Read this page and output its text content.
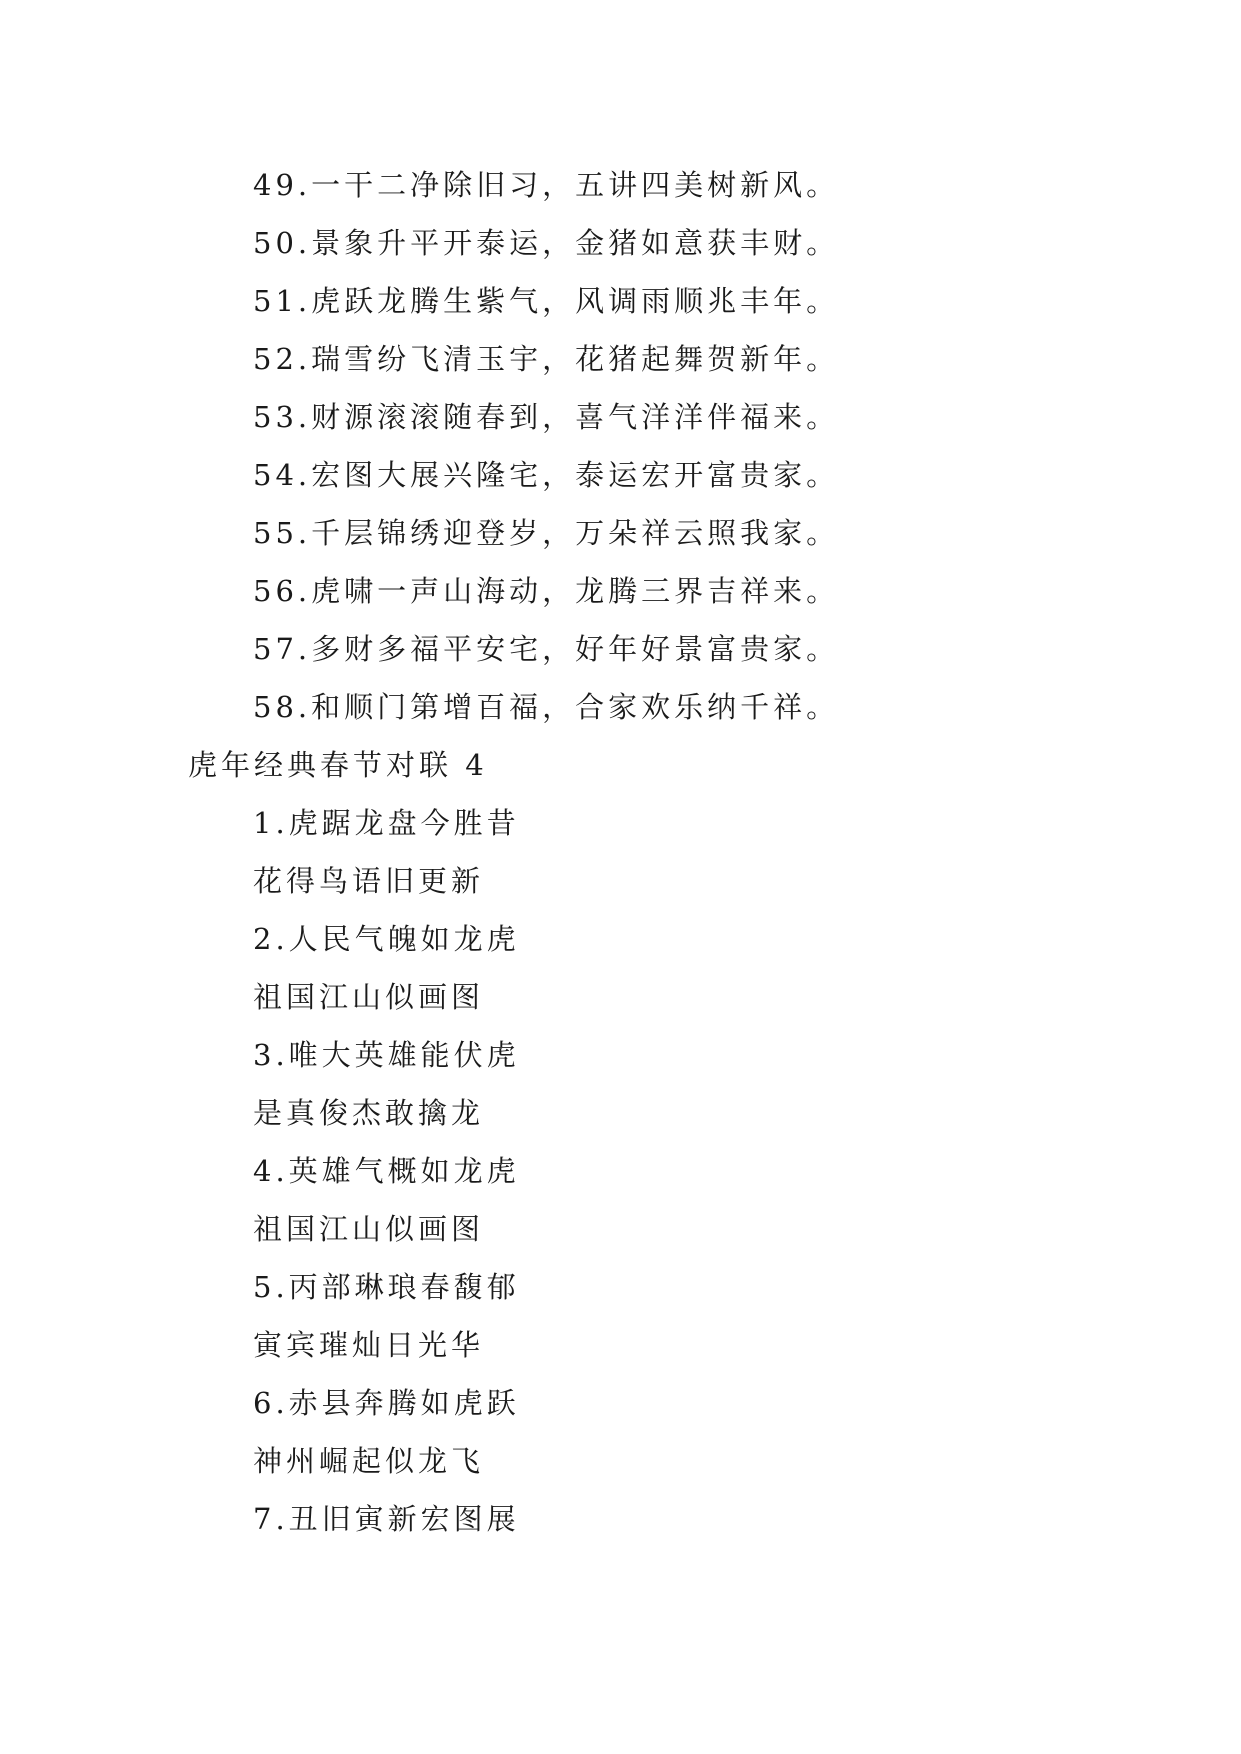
49.一干二净除旧习，五讲四美树新风。
50.景象升平开泰运，金猪如意获丰财。
51.虎跃龙腾生紫气，风调雨顺兆丰年。
52.瑞雪纷飞清玉宇，花猪起舞贺新年。
53.财源滚滚随春到，喜气洋洋伴福来。
54.宏图大展兴隆宅，泰运宏开富贵家。
55.千层锦绣迎登岁，万朵祥云照我家。
56.虎啸一声山海动，龙腾三界吉祥来。
57.多财多福平安宅，好年好景富贵家。
58.和顺门第增百福，合家欢乐纳千祥。
虎年经典春节对联 4
1.虎踞龙盘今胜昔
花得鸟语旧更新
2.人民气魄如龙虎
祖国江山似画图
3.唯大英雄能伏虎
是真俊杰敢擒龙
4.英雄气概如龙虎
祖国江山似画图
5.丙部琳琅春馥郁
寅宾璀灿日光华
6.赤县奔腾如虎跃
神州崛起似龙飞
7.丑旧寅新宏图展
